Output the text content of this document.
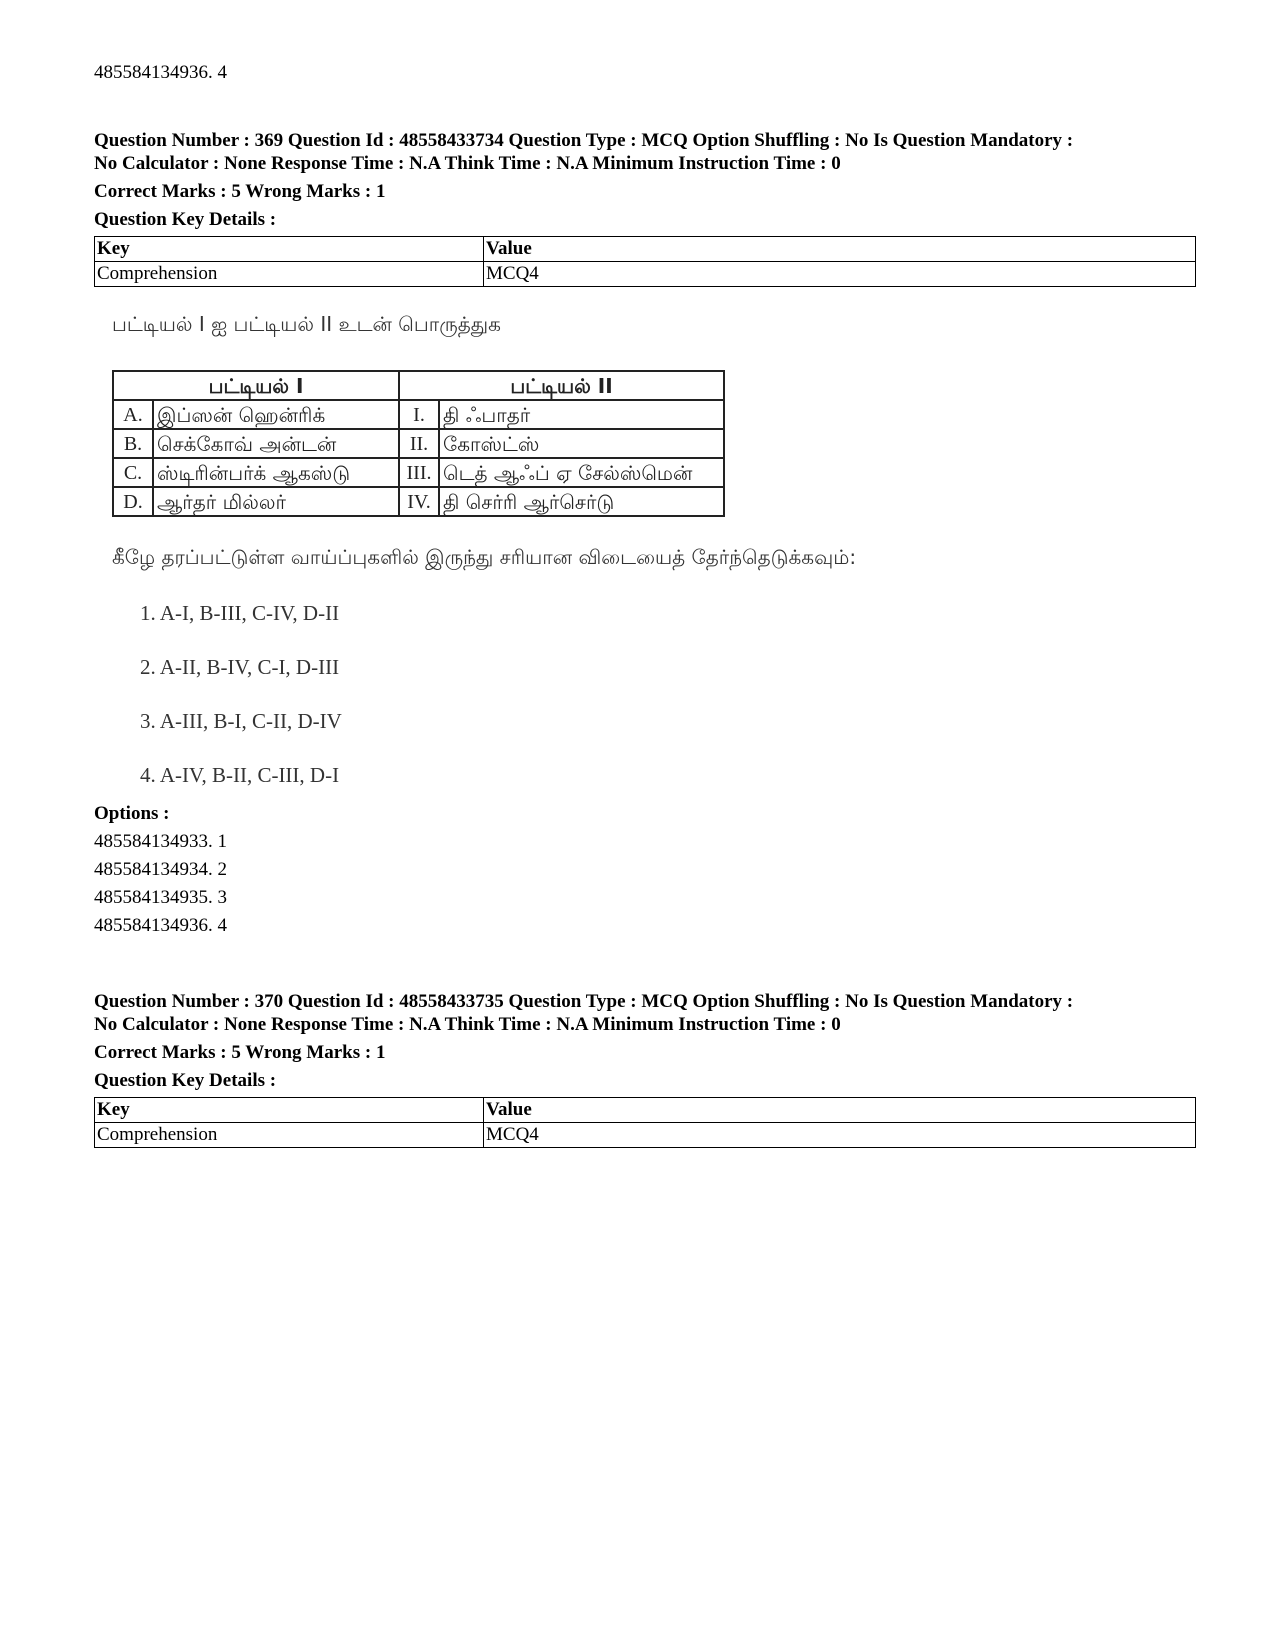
485584134936. 4

Question Number : 369 Question Id : 48558433734 Question Type : MCQ Option Shuffling : No Is Question Mandatory :

No Calculator : None Response Time : N.A Think Time : N.A Minimum Instruction Time : 0

Correct Marks : 5 Wrong Marks : 1
Question Key Details :
Key	Value
Comprehension	MCQ4

பட்டியல் I ஐ பட்டியல் II உடன் பொருத்துக

பட்டியல் I		பட்டியல் II	
A.	இப்ஸன் ஹென்ரிக்	I.	தி ஃபாதர்
B.	செக்கோவ் அன்டன்	II.	கோஸ்ட்ஸ்
C.	ஸ்டிரின்பர்க் ஆகஸ்டு	III.	டெத் ஆஃப் ஏ சேல்ஸ்மென்
D.	ஆர்தர் மில்லர்	IV.	தி செர்ரி ஆர்செர்டு
கீழே தரப்பட்டுள்ள வாய்ப்புகளில் இருந்து சரியான விடையைத் தேர்ந்தெடுக்கவும்:
1. A-I, B-III, C-IV, D-II
2. A-II, B-IV, C-I, D-III
3. A-III, B-I, C-II, D-IV
4. A-IV, B-II, C-III, D-I
Options :
485584134933. 1
485584134934. 2
485584134935. 3
485584134936. 4

Question Number : 370 Question Id : 48558433735 Question Type : MCQ Option Shuffling : No Is Question Mandatory :

No Calculator : None Response Time : N.A Think Time : N.A Minimum Instruction Time : 0

Correct Marks : 5 Wrong Marks : 1
Question Key Details :
Key	Value
Comprehension	MCQ4
